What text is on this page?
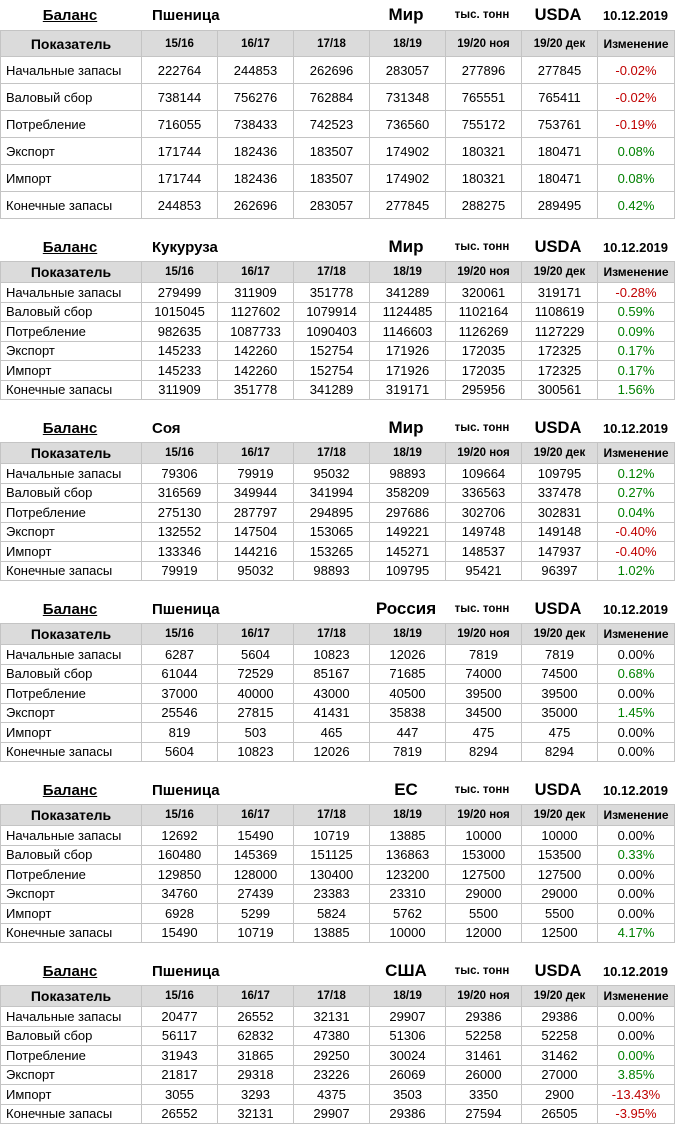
Баланс	Пшеница	Мир	тыс. тонн	USDA	10.12.2019
Показатель	15/16	16/17	17/18	18/19	19/20 ноя	19/20 дек	Изменение
Начальные запасы	222764	244853	262696	283057	277896	277845	-0.02%
Валовый сбор	738144	756276	762884	731348	765551	765411	-0.02%
Потребление	716055	738433	742523	736560	755172	753761	-0.19%
Экспорт	171744	182436	183507	174902	180321	180471	0.08%
Импорт	171744	182436	183507	174902	180321	180471	0.08%
Конечные запасы	244853	262696	283057	277845	288275	289495	0.42%
Баланс	Кукуруза	Мир	тыс. тонн	USDA	10.12.2019
Показатель	15/16	16/17	17/18	18/19	19/20 ноя	19/20 дек	Изменение
Начальные запасы	279499	311909	351778	341289	320061	319171	-0.28%
Валовый сбор	1015045	1127602	1079914	1124485	1102164	1108619	0.59%
Потребление	982635	1087733	1090403	1146603	1126269	1127229	0.09%
Экспорт	145233	142260	152754	171926	172035	172325	0.17%
Импорт	145233	142260	152754	171926	172035	172325	0.17%
Конечные запасы	311909	351778	341289	319171	295956	300561	1.56%
Баланс	Соя	Мир	тыс. тонн	USDA	10.12.2019
Показатель	15/16	16/17	17/18	18/19	19/20 ноя	19/20 дек	Изменение
Начальные запасы	79306	79919	95032	98893	109664	109795	0.12%
Валовый сбор	316569	349944	341994	358209	336563	337478	0.27%
Потребление	275130	287797	294895	297686	302706	302831	0.04%
Экспорт	132552	147504	153065	149221	149748	149148	-0.40%
Импорт	133346	144216	153265	145271	148537	147937	-0.40%
Конечные запасы	79919	95032	98893	109795	95421	96397	1.02%
Баланс	Пшеница	Россия	тыс. тонн	USDA	10.12.2019
Показатель	15/16	16/17	17/18	18/19	19/20 ноя	19/20 дек	Изменение
Начальные запасы	6287	5604	10823	12026	7819	7819	0.00%
Валовый сбор	61044	72529	85167	71685	74000	74500	0.68%
Потребление	37000	40000	43000	40500	39500	39500	0.00%
Экспорт	25546	27815	41431	35838	34500	35000	1.45%
Импорт	819	503	465	447	475	475	0.00%
Конечные запасы	5604	10823	12026	7819	8294	8294	0.00%
Баланс	Пшеница	ЕС	тыс. тонн	USDA	10.12.2019
Показатель	15/16	16/17	17/18	18/19	19/20 ноя	19/20 дек	Изменение
Начальные запасы	12692	15490	10719	13885	10000	10000	0.00%
Валовый сбор	160480	145369	151125	136863	153000	153500	0.33%
Потребление	129850	128000	130400	123200	127500	127500	0.00%
Экспорт	34760	27439	23383	23310	29000	29000	0.00%
Импорт	6928	5299	5824	5762	5500	5500	0.00%
Конечные запасы	15490	10719	13885	10000	12000	12500	4.17%
Баланс	Пшеница	США	тыс. тонн	USDA	10.12.2019
Показатель	15/16	16/17	17/18	18/19	19/20 ноя	19/20 дек	Изменение
Начальные запасы	20477	26552	32131	29907	29386	29386	0.00%
Валовый сбор	56117	62832	47380	51306	52258	52258	0.00%
Потребление	31943	31865	29250	30024	31461	31462	0.00%
Экспорт	21817	29318	23226	26069	26000	27000	3.85%
Импорт	3055	3293	4375	3503	3350	2900	-13.43%
Конечные запасы	26552	32131	29907	29386	27594	26505	-3.95%
